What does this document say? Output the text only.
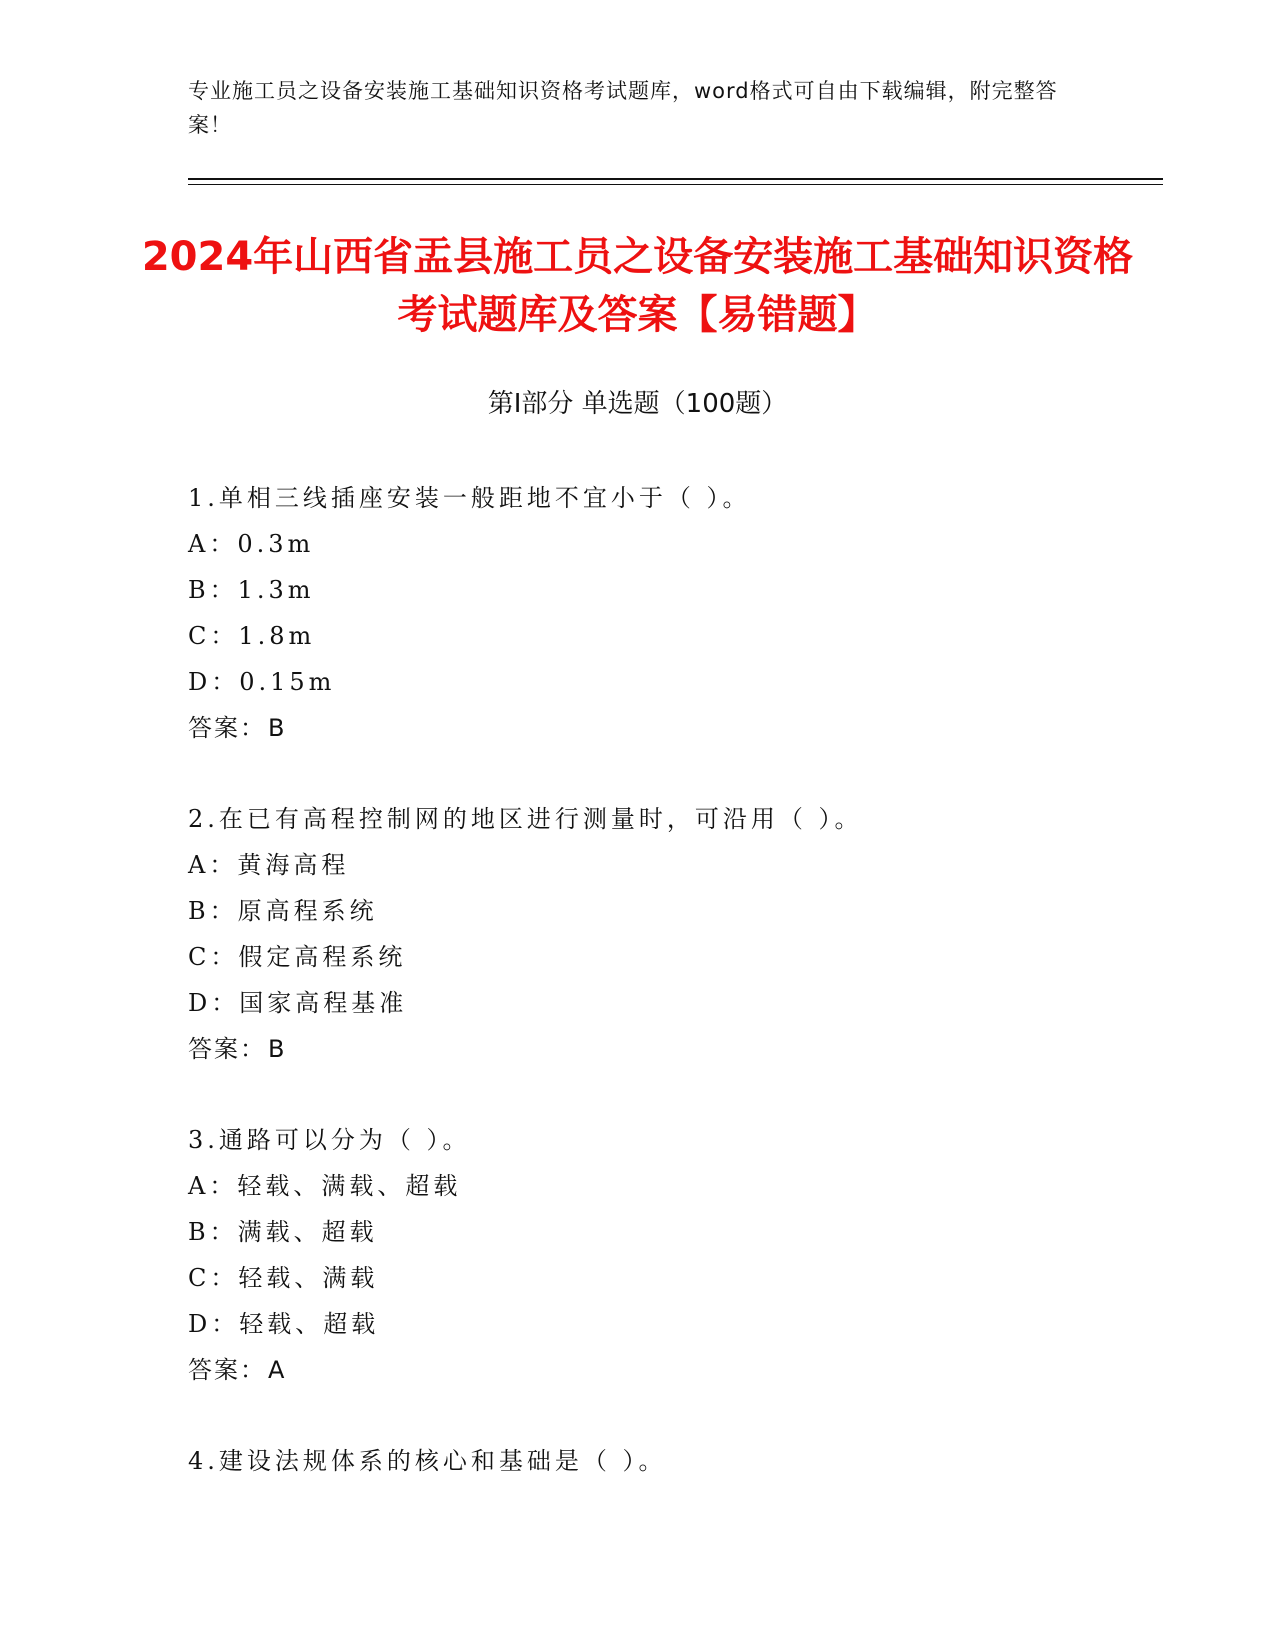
专业施工员之设备安装施工基础知识资格考试题库，word格式可自由下载编辑，附完整答案！
2024年山西省盂县施工员之设备安装施工基础知识资格考试题库及答案【易错题】
第Ⅰ部分 单选题（100题）
1.单相三线插座安装一般距地不宜小于（ ）。
A：0.3m
B：1.3m
C：1.8m
D：0.15m
答案：B
2.在已有高程控制网的地区进行测量时，可沿用（ ）。
A：黄海高程
B：原高程系统
C：假定高程系统
D：国家高程基准
答案：B
3.通路可以分为（ ）。
A：轻载、满载、超载
B：满载、超载
C：轻载、满载
D：轻载、超载
答案：A
4.建设法规体系的核心和基础是（ ）。
